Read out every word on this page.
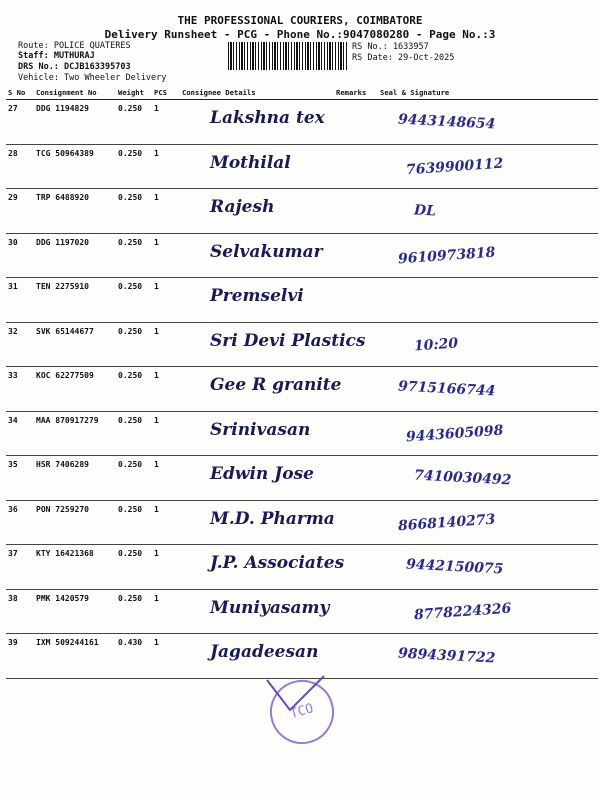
THE PROFESSIONAL COURIERS, COIMBATORE
Delivery Runsheet - PCG - Phone No.:9047080280 - Page No.:3
Route: POLICE QUATERES
Staff: MUTHURAJ
DRS No.: DCJB163395703
Vehicle: Two Wheeler Delivery
RS No.: 1633957
RS Date: 29-Oct-2025
S No	Consignment No	Weight	PCS	Consignee Details	Remarks	Seal & Signature
27	DDG 1194829	0.250	1	Lakshna tex		9443148654

28	TCG 50964389	0.250	1	Mothilal		7639900112

29	TRP 6488920	0.250	1	Rajesh		DL

30	DDG 1197020	0.250	1	Selvakumar		9610973818

31	TEN 2275910	0.250	1	Premselvi		

32	SVK 65144677	0.250	1	Sri Devi Plastics		10:20

33	KOC 62277509	0.250	1	Gee R granite		9715166744

34	MAA 870917279	0.250	1	Srinivasan		9443605098

35	HSR 7406289	0.250	1	Edwin Jose		7410030492

36	PON 7259270	0.250	1	M.D. Pharma		8668140273

37	KTY 16421368	0.250	1	J.P. Associates		9442150075

38	PMK 1420579	0.250	1	Muniyasamy		8778224326

39	IXM 509244161	0.430	1	Jagadeesan		9894391722
TCO
